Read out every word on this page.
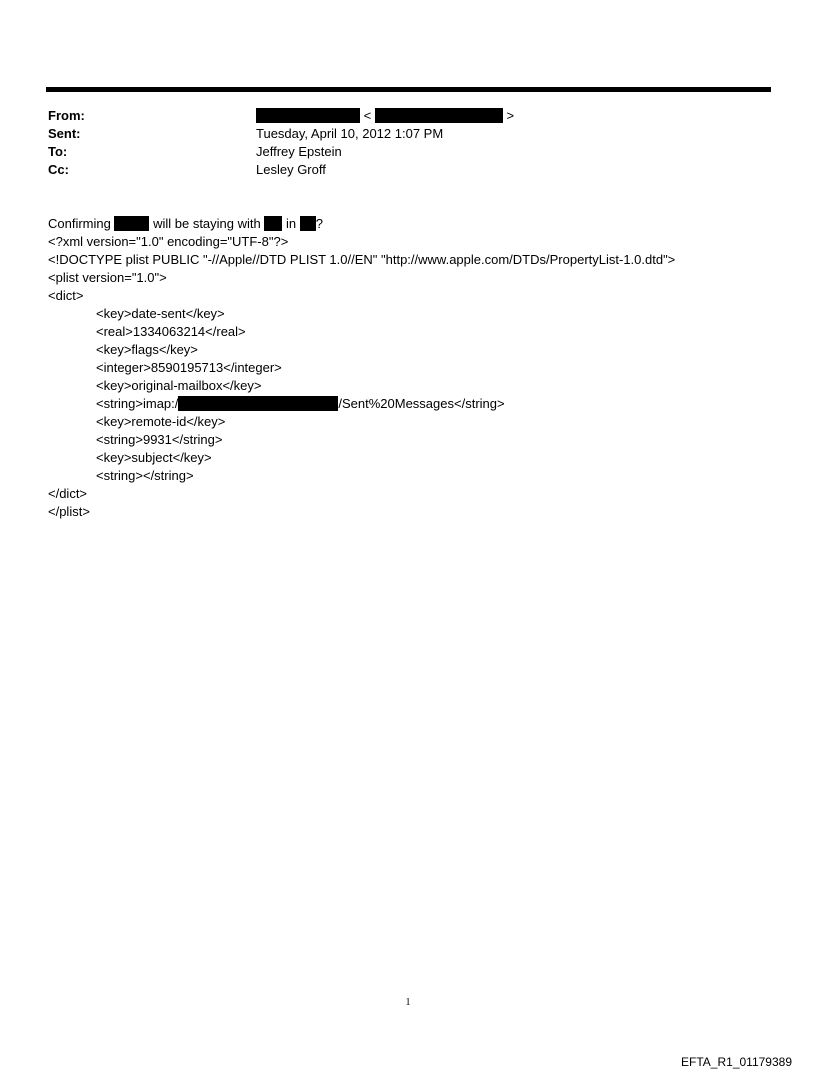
From:	<	>
Sent:	Tuesday, April 10, 2012 1:07 PM
To:	Jeffrey Epstein
Cc:	Lesley Groff
Confirming	will be staying with  in ?
<?xml version="1.0" encoding="UTF-8"?>
<!DOCTYPE plist PUBLIC "-//Apple//DTD PLIST 1.0//EN" "http://www.apple.com/DTDs/PropertyList-1.0.dtd">
<plist version="1.0">
<dict>
<key>date-sent</key>
<real>1334063214</real>
<key>flags</key>
<integer>8590195713</integer>
<key>original-mailbox</key>
<string>imap:/	/Sent%20Messages</string>
<key>remote-id</key>
<string>9931</string>
<key>subject</key>
<string></string>
</dict>
</plist>
1
EFTA_R1_01179389
